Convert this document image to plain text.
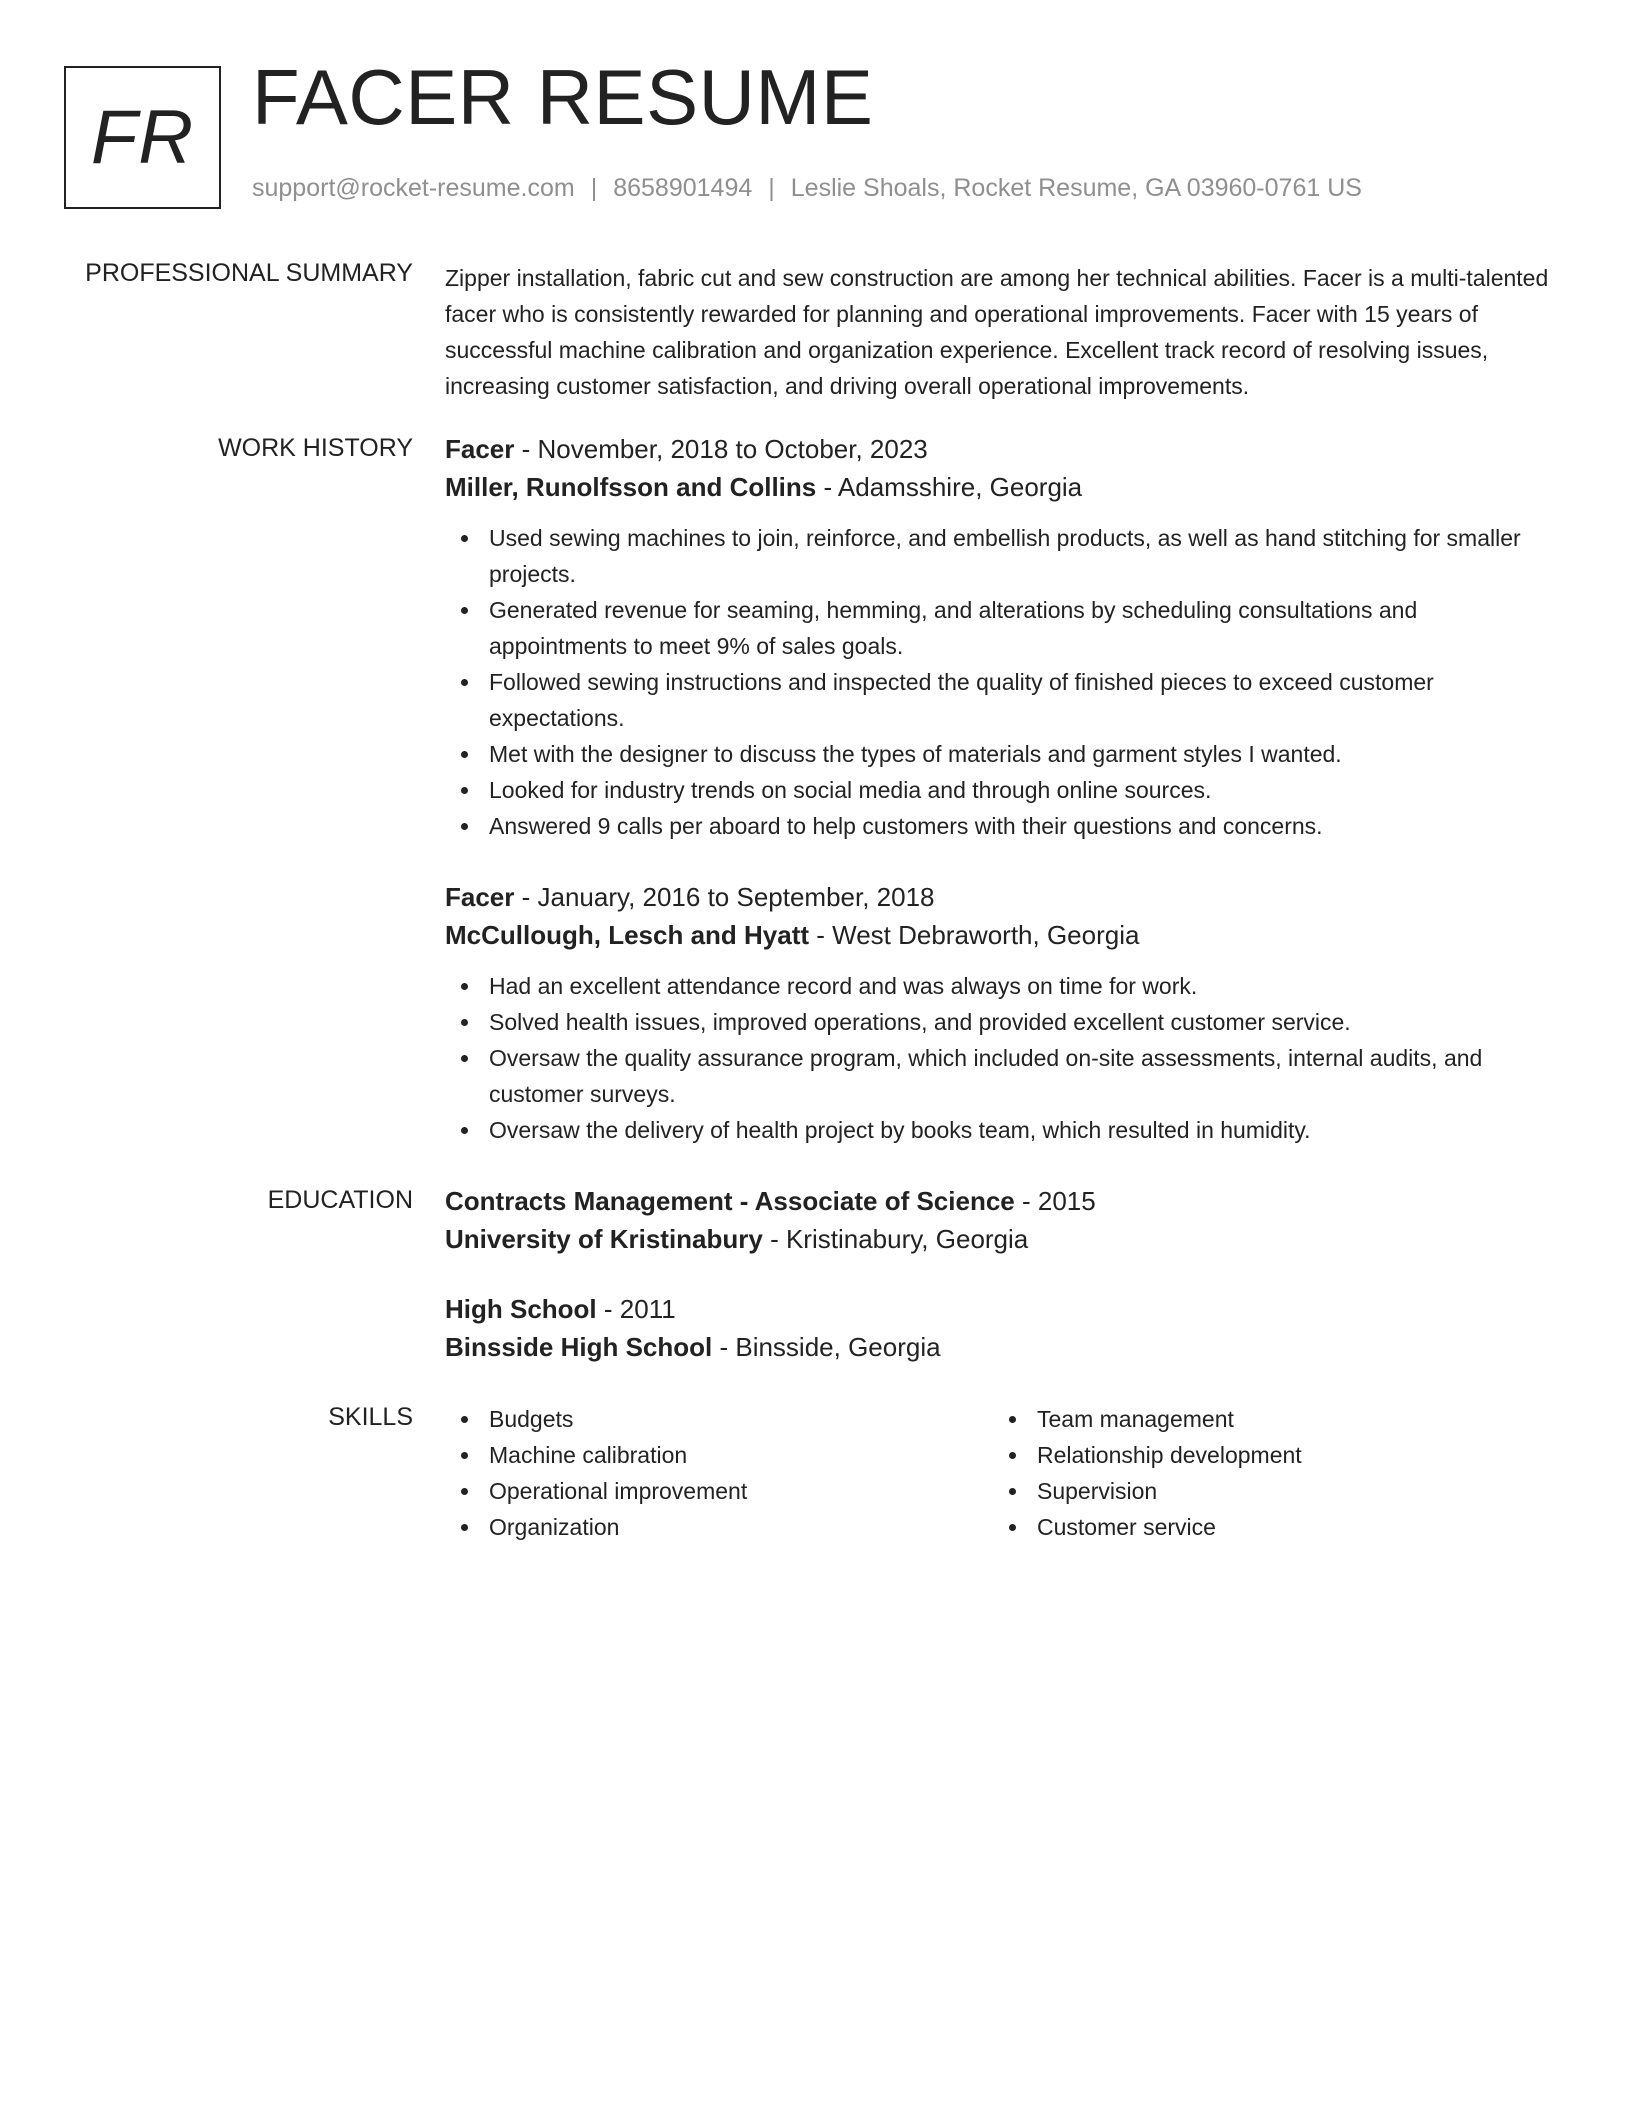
FR FACER RESUME
support@rocket-resume.com | 8658901494 | Leslie Shoals, Rocket Resume, GA 03960-0761 US
PROFESSIONAL SUMMARY Zipper installation, fabric cut and sew construction are among her technical abilities. Facer is a multi-talented facer who is consistently rewarded for planning and operational improvements. Facer with 15 years of successful machine calibration and organization experience. Excellent track record of resolving issues, increasing customer satisfaction, and driving overall operational improvements.

WORK HISTORY Facer - November, 2018 to October, 2023
Miller, Runolfsson and Collins - Adamsshire, Georgia
Used sewing machines to join, reinforce, and embellish products, as well as hand stitching for smaller projects.
Generated revenue for seaming, hemming, and alterations by scheduling consultations and appointments to meet 9% of sales goals.
Followed sewing instructions and inspected the quality of finished pieces to exceed customer expectations.
Met with the designer to discuss the types of materials and garment styles I wanted.
Looked for industry trends on social media and through online sources.
Answered 9 calls per aboard to help customers with their questions and concerns.
Facer - January, 2016 to September, 2018
McCullough, Lesch and Hyatt - West Debraworth, Georgia
Had an excellent attendance record and was always on time for work.
Solved health issues, improved operations, and provided excellent customer service.
Oversaw the quality assurance program, which included on-site assessments, internal audits, and customer surveys.
Oversaw the delivery of health project by books team, which resulted in humidity.
EDUCATION Contracts Management - Associate of Science - 2015
University of Kristinabury - Kristinabury, Georgia
High School - 2011
Binsside High School - Binsside, Georgia
SKILLS	Budgets
Machine calibration
Operational improvement
Organization
Team management
Relationship development
Supervision
Customer service
